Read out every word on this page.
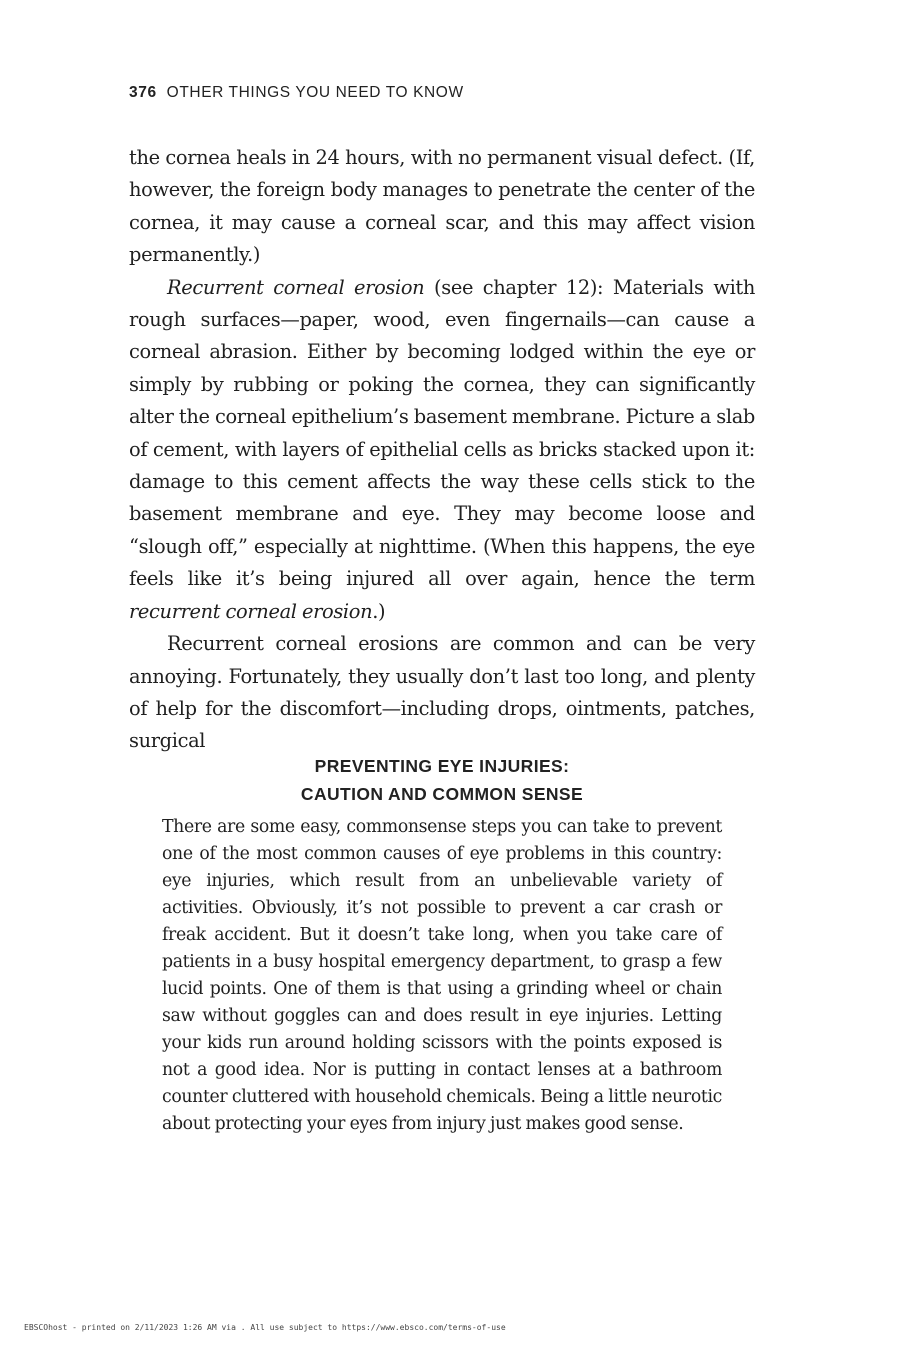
376 OTHER THINGS YOU NEED TO KNOW

the cornea heals in 24 hours, with no permanent visual defect. (If, however, the foreign body manages to penetrate the center of the cornea, it may cause a corneal scar, and this may affect vision permanently.)

Recurrent corneal erosion (see chapter 12): Materials with rough surfaces—paper, wood, even fingernails—can cause a corneal abrasion. Either by becoming lodged within the eye or simply by rubbing or poking the cornea, they can significantly alter the corneal epithelium’s basement membrane. Picture a slab of cement, with layers of epithelial cells as bricks stacked upon it: damage to this cement affects the way these cells stick to the basement membrane and eye. They may become loose and “slough off,” especially at nighttime. (When this happens, the eye feels like it’s being injured all over again, hence the term recurrent corneal erosion.)

Recurrent corneal erosions are common and can be very annoying. Fortunately, they usually don’t last too long, and plenty of help for the discomfort—including drops, ointments, patches, surgical

PREVENTING EYE INJURIES:
CAUTION AND COMMON SENSE

There are some easy, commonsense steps you can take to prevent one of the most common causes of eye problems in this country: eye injuries, which result from an unbelievable variety of activities. Obviously, it’s not possible to prevent a car crash or freak accident. But it doesn’t take long, when you take care of patients in a busy hospital emergency department, to grasp a few lucid points. One of them is that using a grinding wheel or chain saw without goggles can and does result in eye injuries. Letting your kids run around holding scissors with the points exposed is not a good idea. Nor is putting in contact lenses at a bathroom counter cluttered with household chemicals. Being a little neurotic about protecting your eyes from injury just makes good sense.

EBSCOhost - printed on 2/11/2023 1:26 AM via . All use subject to https://www.ebsco.com/terms-of-use
